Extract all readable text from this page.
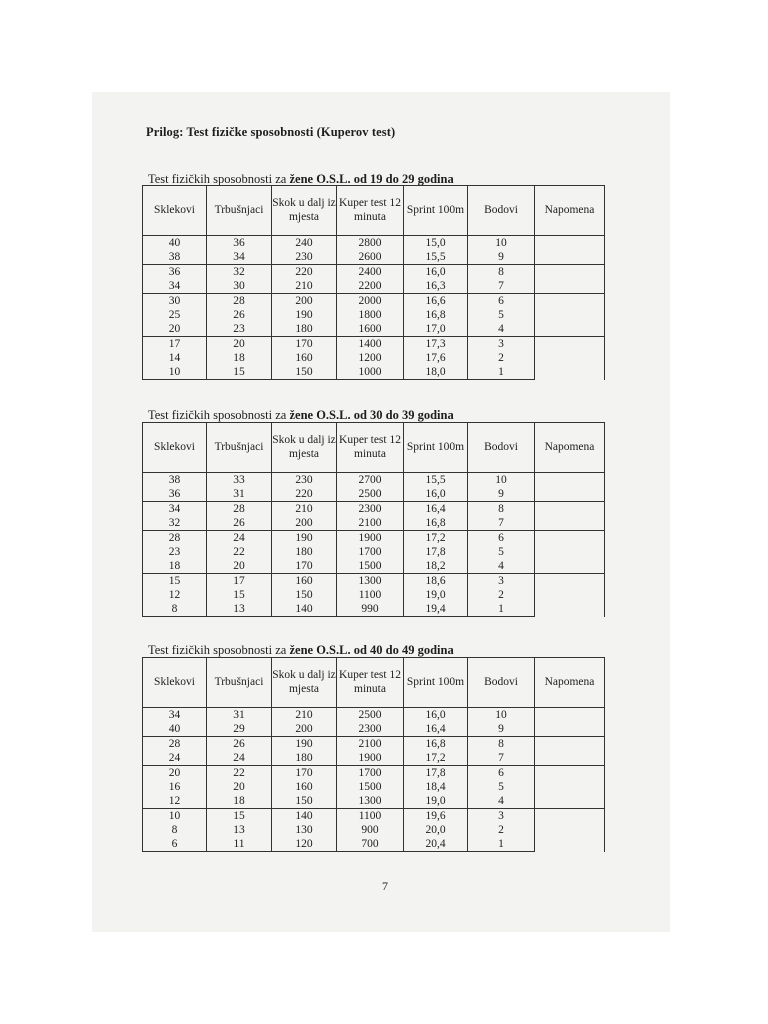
Prilog: Test fizičke sposobnosti (Kuperov test)
Test fizičkih sposobnosti za žene O.S.L. od 19 do 29 godina
Sklekovi	Trbušnjaci	Skok u dalj iz mjesta	Kuper test 12 minuta	Sprint 100m	Bodovi	Napomena
40	36	240	2800	15,0	10	
38	34	230	2600	15,5	9	
36	32	220	2400	16,0	8	
34	30	210	2200	16,3	7	
30	28	200	2000	16,6	6	
25	26	190	1800	16,8	5	
20	23	180	1600	17,0	4	
17	20	170	1400	17,3	3	
14	18	160	1200	17,6	2	
10	15	150	1000	18,0	1	
Test fizičkih sposobnosti za žene O.S.L. od 30 do 39 godina
Sklekovi	Trbušnjaci	Skok u dalj iz mjesta	Kuper test 12 minuta	Sprint 100m	Bodovi	Napomena
38	33	230	2700	15,5	10	
36	31	220	2500	16,0	9	
34	28	210	2300	16,4	8	
32	26	200	2100	16,8	7	
28	24	190	1900	17,2	6	
23	22	180	1700	17,8	5	
18	20	170	1500	18,2	4	
15	17	160	1300	18,6	3	
12	15	150	1100	19,0	2	
8	13	140	990	19,4	1	
Test fizičkih sposobnosti za žene O.S.L. od 40 do 49 godina
Sklekovi	Trbušnjaci	Skok u dalj iz mjesta	Kuper test 12 minuta	Sprint 100m	Bodovi	Napomena
34	31	210	2500	16,0	10	
40	29	200	2300	16,4	9	
28	26	190	2100	16,8	8	
24	24	180	1900	17,2	7	
20	22	170	1700	17,8	6	
16	20	160	1500	18,4	5	
12	18	150	1300	19,0	4	
10	15	140	1100	19,6	3	
8	13	130	900	20,0	2	
6	11	120	700	20,4	1	
7
